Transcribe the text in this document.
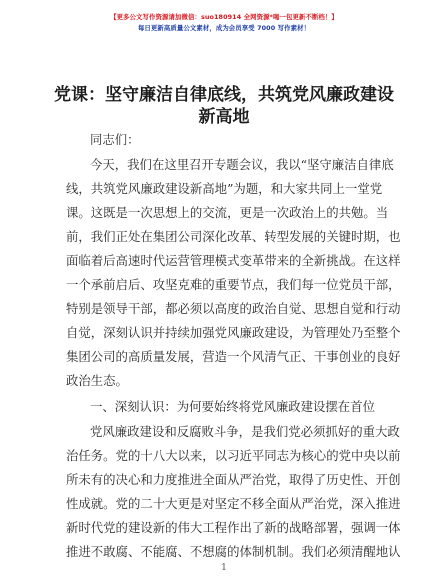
【更多公文写作资源请加微信：suo180914 全网资源*喝一包更新不断档！】
每日更新高质量公文素材，成为会员享受 7000 写作素材！
党课：坚守廉洁自律底线，共筑党风廉政建设
新高地
同志们：
今天，我们在这里召开专题会议，我以“坚守廉洁自律底
线，共筑党风廉政建设新高地”为题，和大家共同上一堂党
课。这既是一次思想上的交流，更是一次政治上的共勉。当
前，我们正处在集团公司深化改革、转型发展的关键时期，也
面临着后高速时代运营管理模式变革带来的全新挑战。在这样
一个承前启后、攻坚克难的重要节点，我们每一位党员干部，
特别是领导干部，都必须以高度的政治自觉、思想自觉和行动
自觉，深刻认识并持续加强党风廉政建设，为管理处乃至整个
集团公司的高质量发展，营造一个风清气正、干事创业的良好
政治生态。
一、深刻认识：为何要始终将党风廉政建设摆在首位
党风廉政建设和反腐败斗争，是我们党必须抓好的重大政
治任务。党的十八大以来，以习近平同志为核心的党中央以前
所未有的决心和力度推进全面从严治党，取得了历史性、开创
性成就。党的二十大更是对坚定不移全面从严治党，深入推进
新时代党的建设新的伟大工程作出了新的战略部署，强调一体
推进不敢腐、不能腐、不想腐的体制机制。我们必须清醒地认
1
